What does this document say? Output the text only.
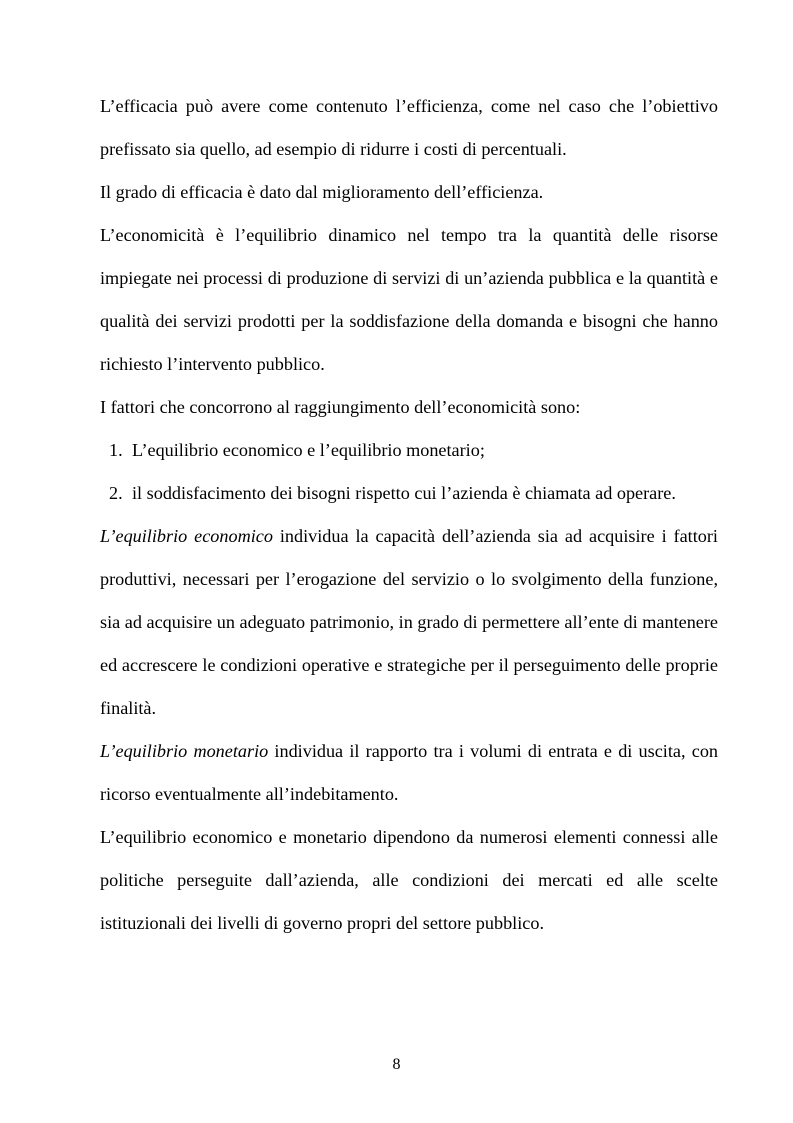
L’efficacia può avere come contenuto l’efficienza, come nel caso che l’obiettivo prefissato sia quello, ad esempio di ridurre i costi di percentuali.

Il grado di efficacia è dato dal miglioramento dell’efficienza.

L’economicità è l’equilibrio dinamico nel tempo tra la quantità delle risorse impiegate nei processi di produzione di servizi di un’azienda pubblica e la quantità e qualità dei servizi prodotti per la soddisfazione della domanda e bisogni che hanno richiesto l’intervento pubblico.

I fattori che concorrono al raggiungimento dell’economicità sono:

1. L’equilibrio economico e l’equilibrio monetario;

2. il soddisfacimento dei bisogni rispetto cui l’azienda è chiamata ad operare.

L’equilibrio economico individua la capacità dell’azienda sia ad acquisire i fattori produttivi, necessari per l’erogazione del servizio o lo svolgimento della funzione, sia ad acquisire un adeguato patrimonio, in grado di permettere all’ente di mantenere ed accrescere le condizioni operative e strategiche per il perseguimento delle proprie finalità.

L’equilibrio monetario individua il rapporto tra i volumi di entrata e di uscita, con ricorso eventualmente all’indebitamento.

L’equilibrio economico e monetario dipendono da numerosi elementi connessi alle politiche perseguite dall’azienda, alle condizioni dei mercati ed alle scelte istituzionali dei livelli di governo propri del settore pubblico.

8
